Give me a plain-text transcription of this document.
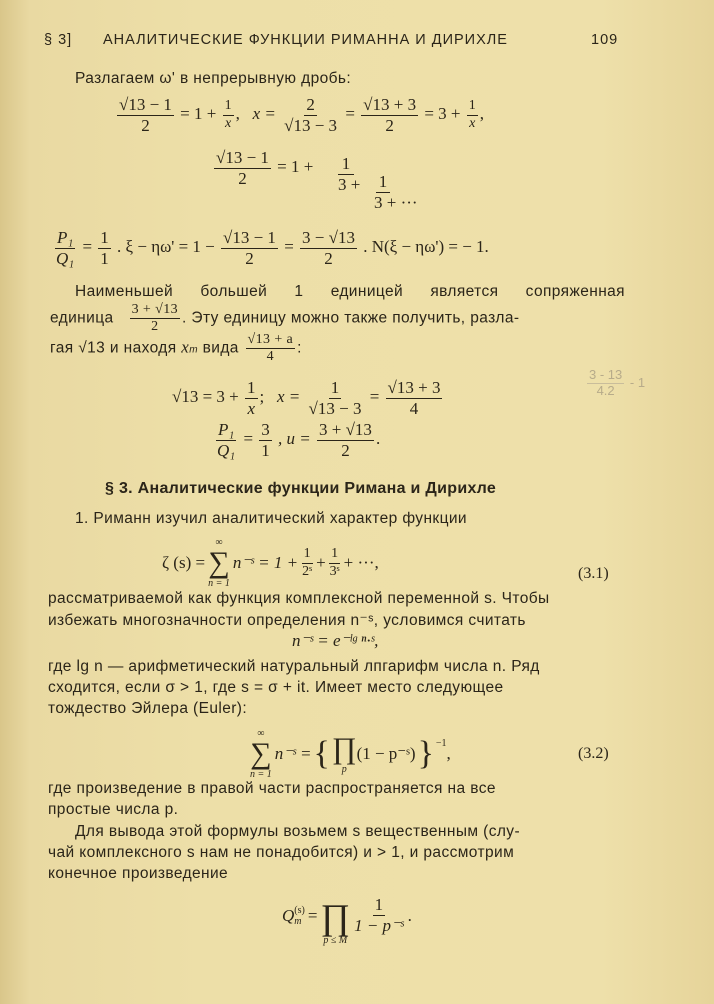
§ 3] АНАЛИТИЧЕСКИЕ ФУНКЦИИ РИМАННА И ДИРИХЛЕ	109
Разлагаем ω' в непрерывную дробь:
$\frac{√13 - 1}{2} = 1 + \frac{1}{x}$ ,   $x = \frac{2}{√13 - 3} = \frac{√13 + 3}{2} = 3 + \frac{1}{x}$ ,
$\frac{√13 - 1}{2} = 1 + 1$
3 +	1
3 + ···
$\frac{\text{P₁}}{\text{Q₁}} = \frac{1}{1}$ . $\xi - \eta\omega' = 1 - \frac{√13 - 1}{2} = \frac{3 - √13}{2}$ . N(ξ − ηω') = − 1.
Наименьшей большей 1 единицей является сопряженная
единица $\frac{3 + √13}{2}$ . Эту единицу можно также получить, разла-
гая √13 и находя xm вида $\frac{√13 + a}{4}$ :
$\frac{3 - 13}{4.2} - 1$
$√13 = 3 + \frac{1}{x}$ ; $x = \frac{1}{√13 - 3} = \frac{√13 + 3}{4}$
$\frac{\text{P₁}}{\text{Q₁}} = \frac{3}{1}$ , $u = \frac{3 + √13}{2}$ .
§ 3. Аналитические функции Римана и Дирихле
1. Риманн изучил аналитический характер функции
ζ (s) =
∞
∑
n = 1
n⁻ˢ = $1 + \frac{1}{\text{2ˢ}} + \frac{1}{\text{3ˢ}}$ + ···,
(3.1)
рассматриваемой как функция комплексной переменной s. Чтобы
избежать многозначности определения n⁻ˢ, условимся считать
n⁻ˢ = e⁻ˡᵍ ⁿ·ˢ,
где lg n — арифметический натуральный лпгарифм числа n. Ряд
сходится, если σ > 1, где s = σ + it. Имеет место следующее
тождество Эйлера (Euler):
∞
∑
n = 1
n⁻ˢ = { ∏
p
(1 − p⁻ˢ) }$^{-1}$
,	(3.2)
где произведение в правой части распространяется на все
простые числа p.
Для вывода этой формулы возьмем s вещественным (слу-
чай комплексного s нам не понадобится) и > 1, и рассмотрим
конечное произведение
Q (s)
m = ∏
p ≤ M
$\frac{1}{\text{1 − p⁻ˢ}}$ .
